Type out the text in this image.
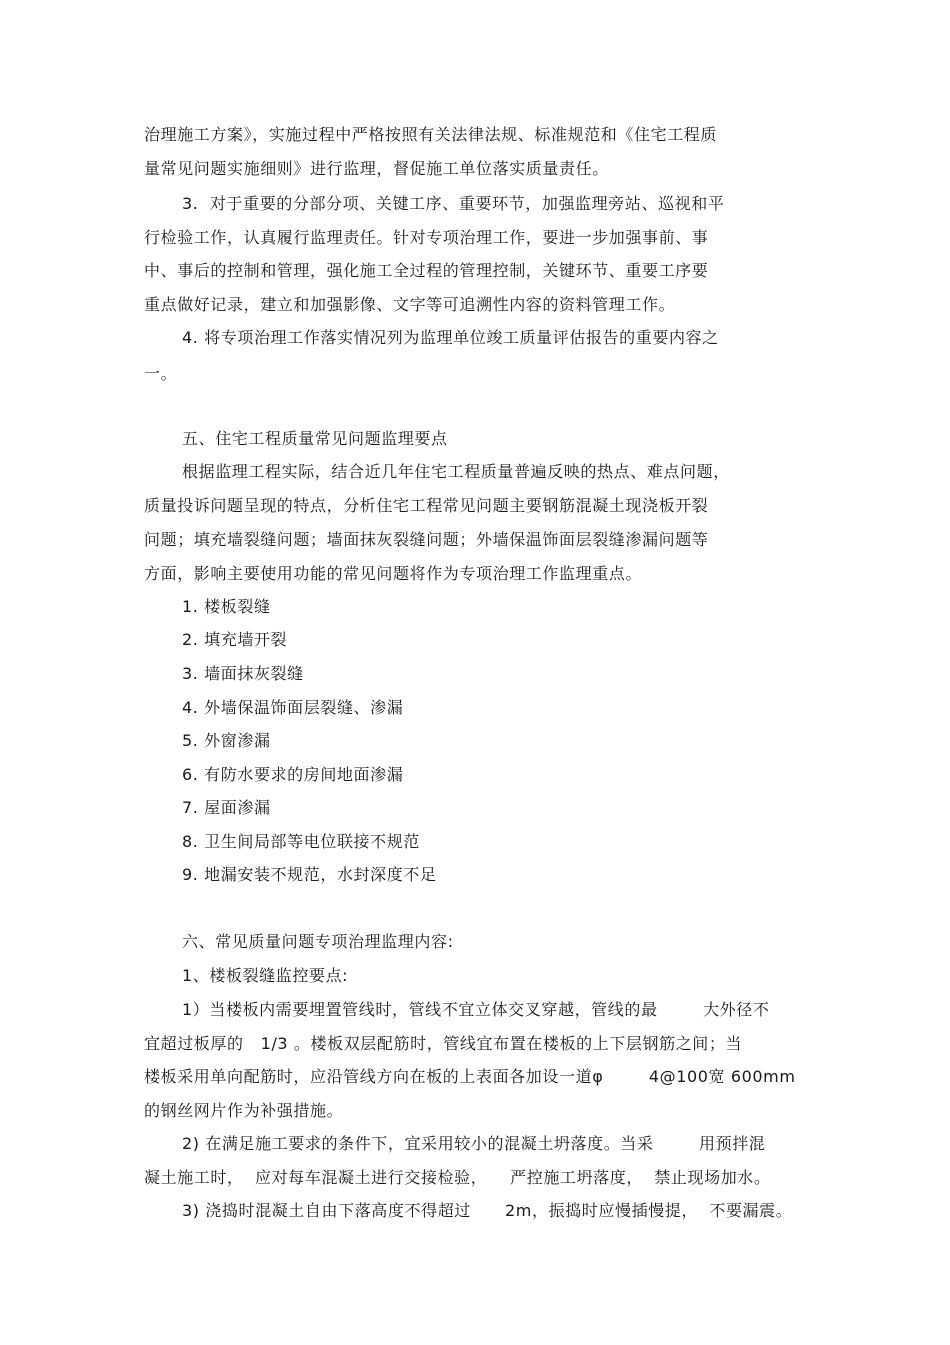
治理施工方案》，实施过程中严格按照有关法律法规、标准规范和《住宅工程质
量常见问题实施细则》进行监理，督促施工单位落实质量责任。
3.  对于重要的分部分项、关键工序、重要环节，加强监理旁站、巡视和平
行检验工作，认真履行监理责任。针对专项治理工作，要进一步加强事前、事
中、事后的控制和管理，强化施工全过程的管理控制，关键环节、重要工序要
重点做好记录，建立和加强影像、文字等可追溯性内容的资料管理工作。
4. 将专项治理工作落实情况列为监理单位竣工质量评估报告的重要内容之
一。
五、住宅工程质量常见问题监理要点
根据监理工程实际，结合近几年住宅工程质量普遍反映的热点、难点问题，
质量投诉问题呈现的特点，分析住宅工程常见问题主要钢筋混凝土现浇板开裂
问题；填充墙裂缝问题；墙面抹灰裂缝问题；外墙保温饰面层裂缝渗漏问题等
方面，影响主要使用功能的常见问题将作为专项治理工作监理重点。
1. 楼板裂缝
2. 填充墙开裂
3. 墙面抹灰裂缝
4. 外墙保温饰面层裂缝、渗漏
5. 外窗渗漏
6. 有防水要求的房间地面渗漏
7. 屋面渗漏
8. 卫生间局部等电位联接不规范
9. 地漏安装不规范，水封深度不足
六、常见质量问题专项治理监理内容:
1、楼板裂缝监控要点:
1）当楼板内需要埋置管线时，管线不宜立体交叉穿越，管线的最        大外径不
宜超过板厚的   1/3 。楼板双层配筋时，管线宜布置在楼板的上下层钢筋之间；当
楼板采用单向配筋时，应沿管线方向在板的上表面各加设一道φ        4@100宽 600mm
的钢丝网片作为补强措施。
2) 在满足施工要求的条件下，宜采用较小的混凝土坍落度。当采        用预拌混
凝土施工时，  应对每车混凝土进行交接检验，    严控施工坍落度，  禁止现场加水。
3) 浇捣时混凝土自由下落高度不得超过      2m，振捣时应慢插慢提，  不要漏震。
